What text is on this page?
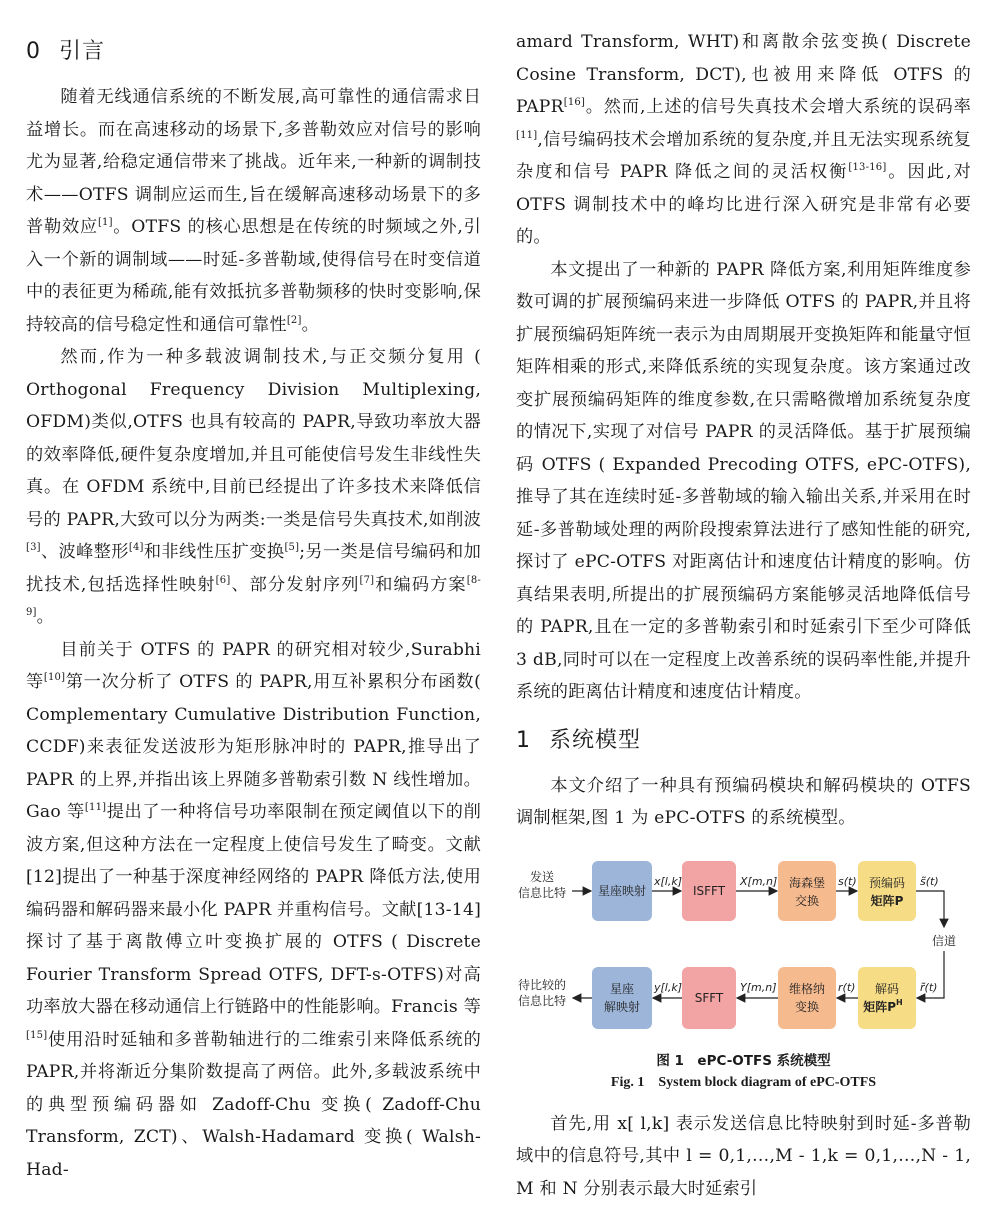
0 引言

随着无线通信系统的不断发展,高可靠性的通信需求日益增长。而在高速移动的场景下,多普勒效应对信号的影响尤为显著,给稳定通信带来了挑战。近年来,一种新的调制技术——OTFS 调制应运而生,旨在缓解高速移动场景下的多普勒效应[1]。OTFS 的核心思想是在传统的时频域之外,引入一个新的调制域——时延-多普勒域,使得信号在时变信道中的表征更为稀疏,能有效抵抗多普勒频移的快时变影响,保持较高的信号稳定性和通信可靠性[2]。

然而,作为一种多载波调制技术,与正交频分复用 ( Orthogonal Frequency Division Multiplexing, OFDM)类似,OTFS 也具有较高的 PAPR,导致功率放大器的效率降低,硬件复杂度增加,并且可能使信号发生非线性失真。在 OFDM 系统中,目前已经提出了许多技术来降低信号的 PAPR,大致可以分为两类:一类是信号失真技术,如削波[3]、波峰整形[4]和非线性压扩变换[5];另一类是信号编码和加扰技术,包括选择性映射[6]、部分发射序列[7]和编码方案[8-9]。

目前关于 OTFS 的 PAPR 的研究相对较少,Surabhi 等[10]第一次分析了 OTFS 的 PAPR,用互补累积分布函数( Complementary Cumulative Distribution Function, CCDF)来表征发送波形为矩形脉冲时的 PAPR,推导出了 PAPR 的上界,并指出该上界随多普勒索引数 N 线性增加。Gao 等[11]提出了一种将信号功率限制在预定阈值以下的削波方案,但这种方法在一定程度上使信号发生了畸变。文献[12]提出了一种基于深度神经网络的 PAPR 降低方法,使用编码器和解码器来最小化 PAPR 并重构信号。文献[13-14]探讨了基于离散傅立叶变换扩展的 OTFS ( Discrete Fourier Transform Spread OTFS, DFT-s-OTFS)对高功率放大器在移动通信上行链路中的性能影响。Francis 等[15]使用沿时延轴和多普勒轴进行的二维索引来降低系统的 PAPR,并将渐近分集阶数提高了两倍。此外,多载波系统中的典型预编码器如 Zadoff-Chu 变换( Zadoff-Chu Transform, ZCT)、Walsh-Hadamard 变换( Walsh-Had-

amard Transform, WHT)和离散余弦变换( Discrete Cosine Transform, DCT),也被用来降低 OTFS 的 PAPR[16]。然而,上述的信号失真技术会增大系统的误码率[11],信号编码技术会增加系统的复杂度,并且无法实现系统复杂度和信号 PAPR 降低之间的灵活权衡[13-16]。因此,对 OTFS 调制技术中的峰均比进行深入研究是非常有必要的。

本文提出了一种新的 PAPR 降低方案,利用矩阵维度参数可调的扩展预编码来进一步降低 OTFS 的 PAPR,并且将扩展预编码矩阵统一表示为由周期展开变换矩阵和能量守恒矩阵相乘的形式,来降低系统的实现复杂度。该方案通过改变扩展预编码矩阵的维度参数,在只需略微增加系统复杂度的情况下,实现了对信号 PAPR 的灵活降低。基于扩展预编码 OTFS ( Expanded Precoding OTFS, ePC-OTFS),推导了其在连续时延-多普勒域的输入输出关系,并采用在时延-多普勒域处理的两阶段搜索算法进行了感知性能的研究,探讨了 ePC-OTFS 对距离估计和速度估计精度的影响。仿真结果表明,所提出的扩展预编码方案能够灵活地降低信号的 PAPR,且在一定的多普勒索引和时延索引下至少可降低 3 dB,同时可以在一定程度上改善系统的误码率性能,并提升系统的距离估计精度和速度估计精度。

1 系统模型

本文介绍了一种具有预编码模块和解码模块的 OTFS 调制框架,图 1 为 ePC-OTFS 的系统模型。

发送
信息比特	星座映射	ISFFT
海森堡
交换
预编码
矩阵P
x[l,k]	X[m,n]	s(t)	s̃(t)
信道
待比较的
信息比特
星座
解映射
SFFT
维格纳
变换
解码
矩阵$P^H$
y[l,k]	Y[m,n]	r(t)	r̃(t)

图 1　ePC-OTFS 系统模型

Fig. 1　System block diagram of ePC-OTFS

首先,用 x[ l,k] 表示发送信息比特映射到时延-多普勒域中的信息符号,其中 l = 0,1,…,M - 1,k = 0,1,…,N - 1, M 和 N 分别表示最大时延索引
